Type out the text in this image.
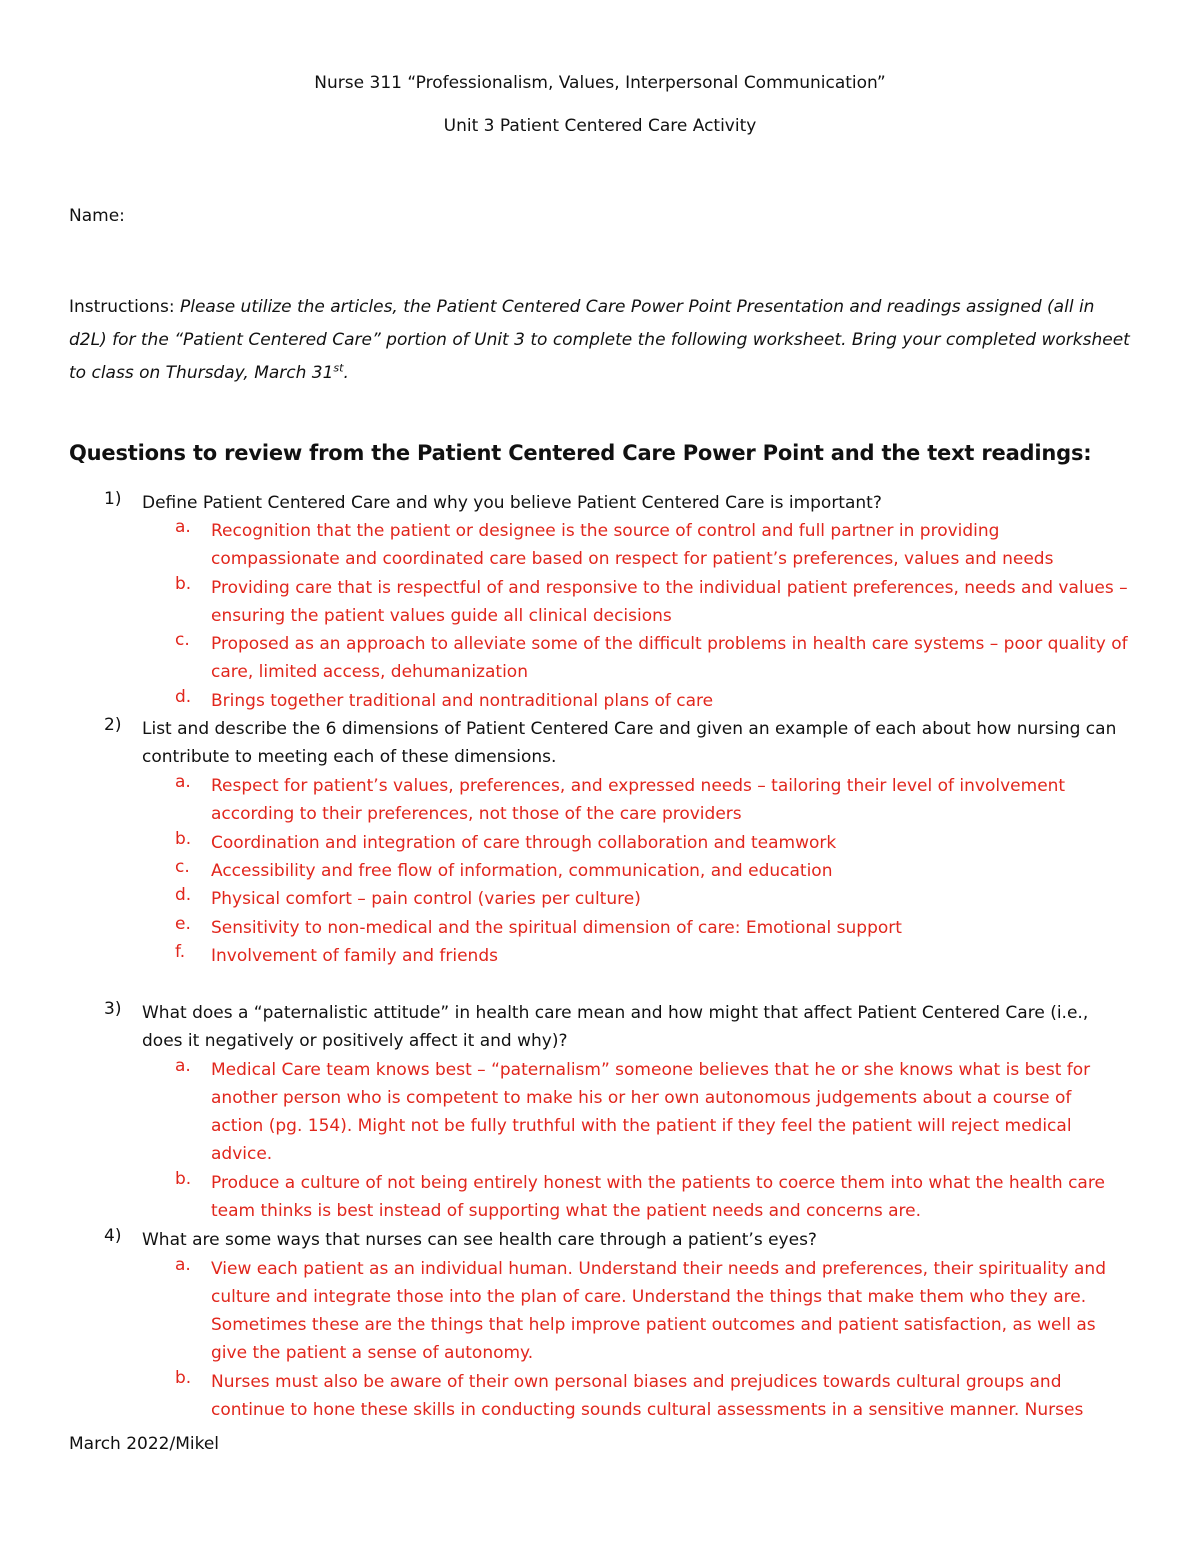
Nurse 311 “Professionalism, Values, Interpersonal Communication”
Unit 3 Patient Centered Care Activity
Name:
Instructions: Please utilize the articles, the Patient Centered Care Power Point Presentation and readings assigned (all in d2L) for the “Patient Centered Care” portion of Unit 3 to complete the following worksheet. Bring your completed worksheet to class on Thursday, March 31st.
Questions to review from the Patient Centered Care Power Point and the text readings:
1) Define Patient Centered Care and why you believe Patient Centered Care is important?
a. Recognition that the patient or designee is the source of control and full partner in providing compassionate and coordinated care based on respect for patient’s preferences, values and needs
b. Providing care that is respectful of and responsive to the individual patient preferences, needs and values – ensuring the patient values guide all clinical decisions
c. Proposed as an approach to alleviate some of the difficult problems in health care systems – poor quality of care, limited access, dehumanization
d. Brings together traditional and nontraditional plans of care
2) List and describe the 6 dimensions of Patient Centered Care and given an example of each about how nursing can contribute to meeting each of these dimensions.
a. Respect for patient’s values, preferences, and expressed needs – tailoring their level of involvement according to their preferences, not those of the care providers
b. Coordination and integration of care through collaboration and teamwork
c. Accessibility and free flow of information, communication, and education
d. Physical comfort – pain control (varies per culture)
e. Sensitivity to non-medical and the spiritual dimension of care: Emotional support
f. Involvement of family and friends
3) What does a “paternalistic attitude” in health care mean and how might that affect Patient Centered Care (i.e., does it negatively or positively affect it and why)?
a. Medical Care team knows best – “paternalism” someone believes that he or she knows what is best for another person who is competent to make his or her own autonomous judgements about a course of action (pg. 154). Might not be fully truthful with the patient if they feel the patient will reject medical advice.
b. Produce a culture of not being entirely honest with the patients to coerce them into what the health care team thinks is best instead of supporting what the patient needs and concerns are.
4) What are some ways that nurses can see health care through a patient’s eyes?
a. View each patient as an individual human. Understand their needs and preferences, their spirituality and culture and integrate those into the plan of care. Understand the things that make them who they are. Sometimes these are the things that help improve patient outcomes and patient satisfaction, as well as give the patient a sense of autonomy.
b. Nurses must also be aware of their own personal biases and prejudices towards cultural groups and continue to hone these skills in conducting sounds cultural assessments in a sensitive manner. Nurses
March 2022/Mikel
